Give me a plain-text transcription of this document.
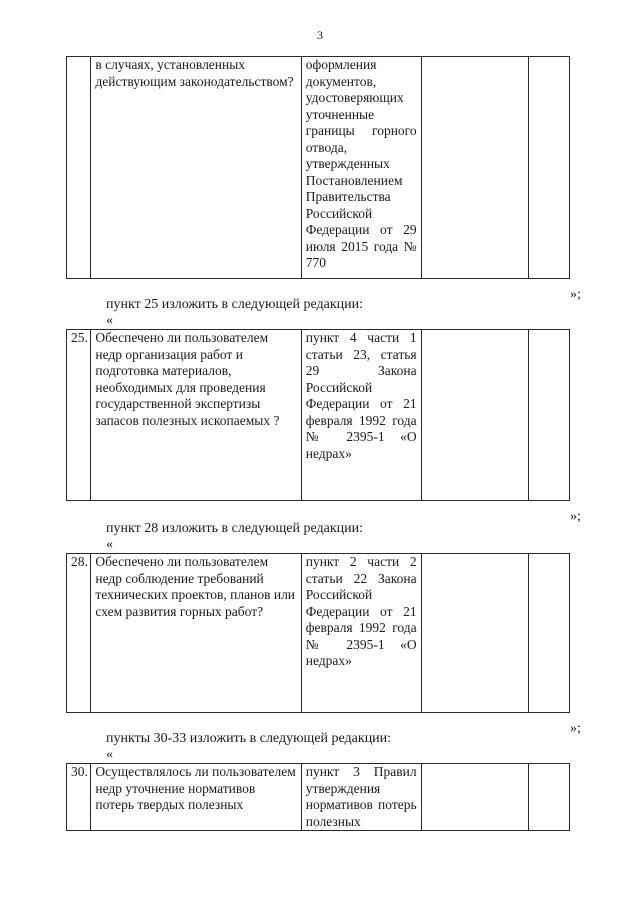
3
	в случаях, установленных действующим законодательством?	оформления документов, удостоверяющих уточненные границы горного отвода, утвержденных Постановлением Правительства Российской Федерации от 29 июля 2015 года № 770		
»;
пункт 25 изложить в следующей редакции:
«
25.	Обеспечено ли пользователем недр организация работ и подготовка материалов, необходимых для проведения государственной экспертизы запасов полезных ископаемых ?	пункт 4 части 1 статьи 23, статья 29 Закона Российской Федерации от 21 февраля 1992 года № 2395-1 «О недрах»		
»;
пункт 28 изложить в следующей редакции:
«
28.	Обеспечено ли пользователем недр соблюдение требований технических проектов, планов или схем развития горных работ?	пункт 2 части 2 статьи 22 Закона Российской Федерации от 21 февраля 1992 года № 2395-1 «О недрах»		
»;
пункты 30-33 изложить в следующей редакции:
«
30.	Осуществлялось ли пользователем недр уточнение нормативов потерь твердых полезных	пункт 3 Правил утверждения нормативов потерь полезных		
